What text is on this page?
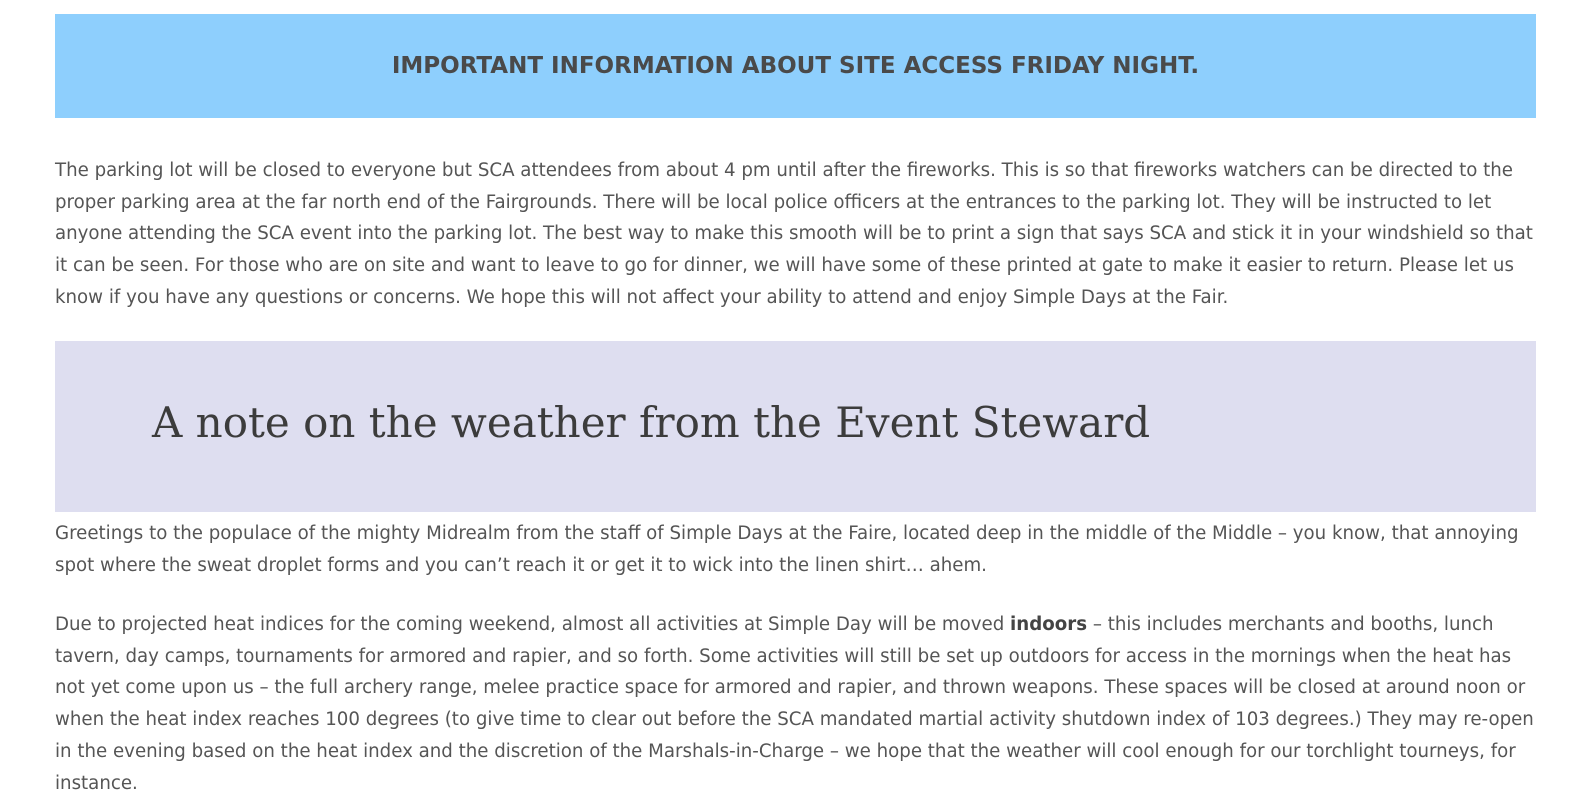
IMPORTANT INFORMATION ABOUT SITE ACCESS FRIDAY NIGHT.

The parking lot will be closed to everyone but SCA attendees from about 4 pm until after the fireworks. This is so that fireworks watchers can be directed to the proper parking area at the far north end of the Fairgrounds. There will be local police officers at the entrances to the parking lot. They will be instructed to let anyone attending the SCA event into the parking lot. The best way to make this smooth will be to print a sign that says SCA and stick it in your windshield so that it can be seen. For those who are on site and want to leave to go for dinner, we will have some of these printed at gate to make it easier to return. Please let us know if you have any questions or concerns. We hope this will not affect your ability to attend and enjoy Simple Days at the Fair.

A note on the weather from the Event Steward

Greetings to the populace of the mighty Midrealm from the staff of Simple Days at the Faire, located deep in the middle of the Middle – you know, that annoying spot where the sweat droplet forms and you can’t reach it or get it to wick into the linen shirt… ahem.

Due to projected heat indices for the coming weekend, almost all activities at Simple Day will be moved indoors – this includes merchants and booths, lunch tavern, day camps, tournaments for armored and rapier, and so forth. Some activities will still be set up outdoors for access in the mornings when the heat has not yet come upon us – the full archery range, melee practice space for armored and rapier, and thrown weapons. These spaces will be closed at around noon or when the heat index reaches 100 degrees (to give time to clear out before the SCA mandated martial activity shutdown index of 103 degrees.) They may re-open in the evening based on the heat index and the discretion of the Marshals-in-Charge – we hope that the weather will cool enough for our torchlight tourneys, for instance.
